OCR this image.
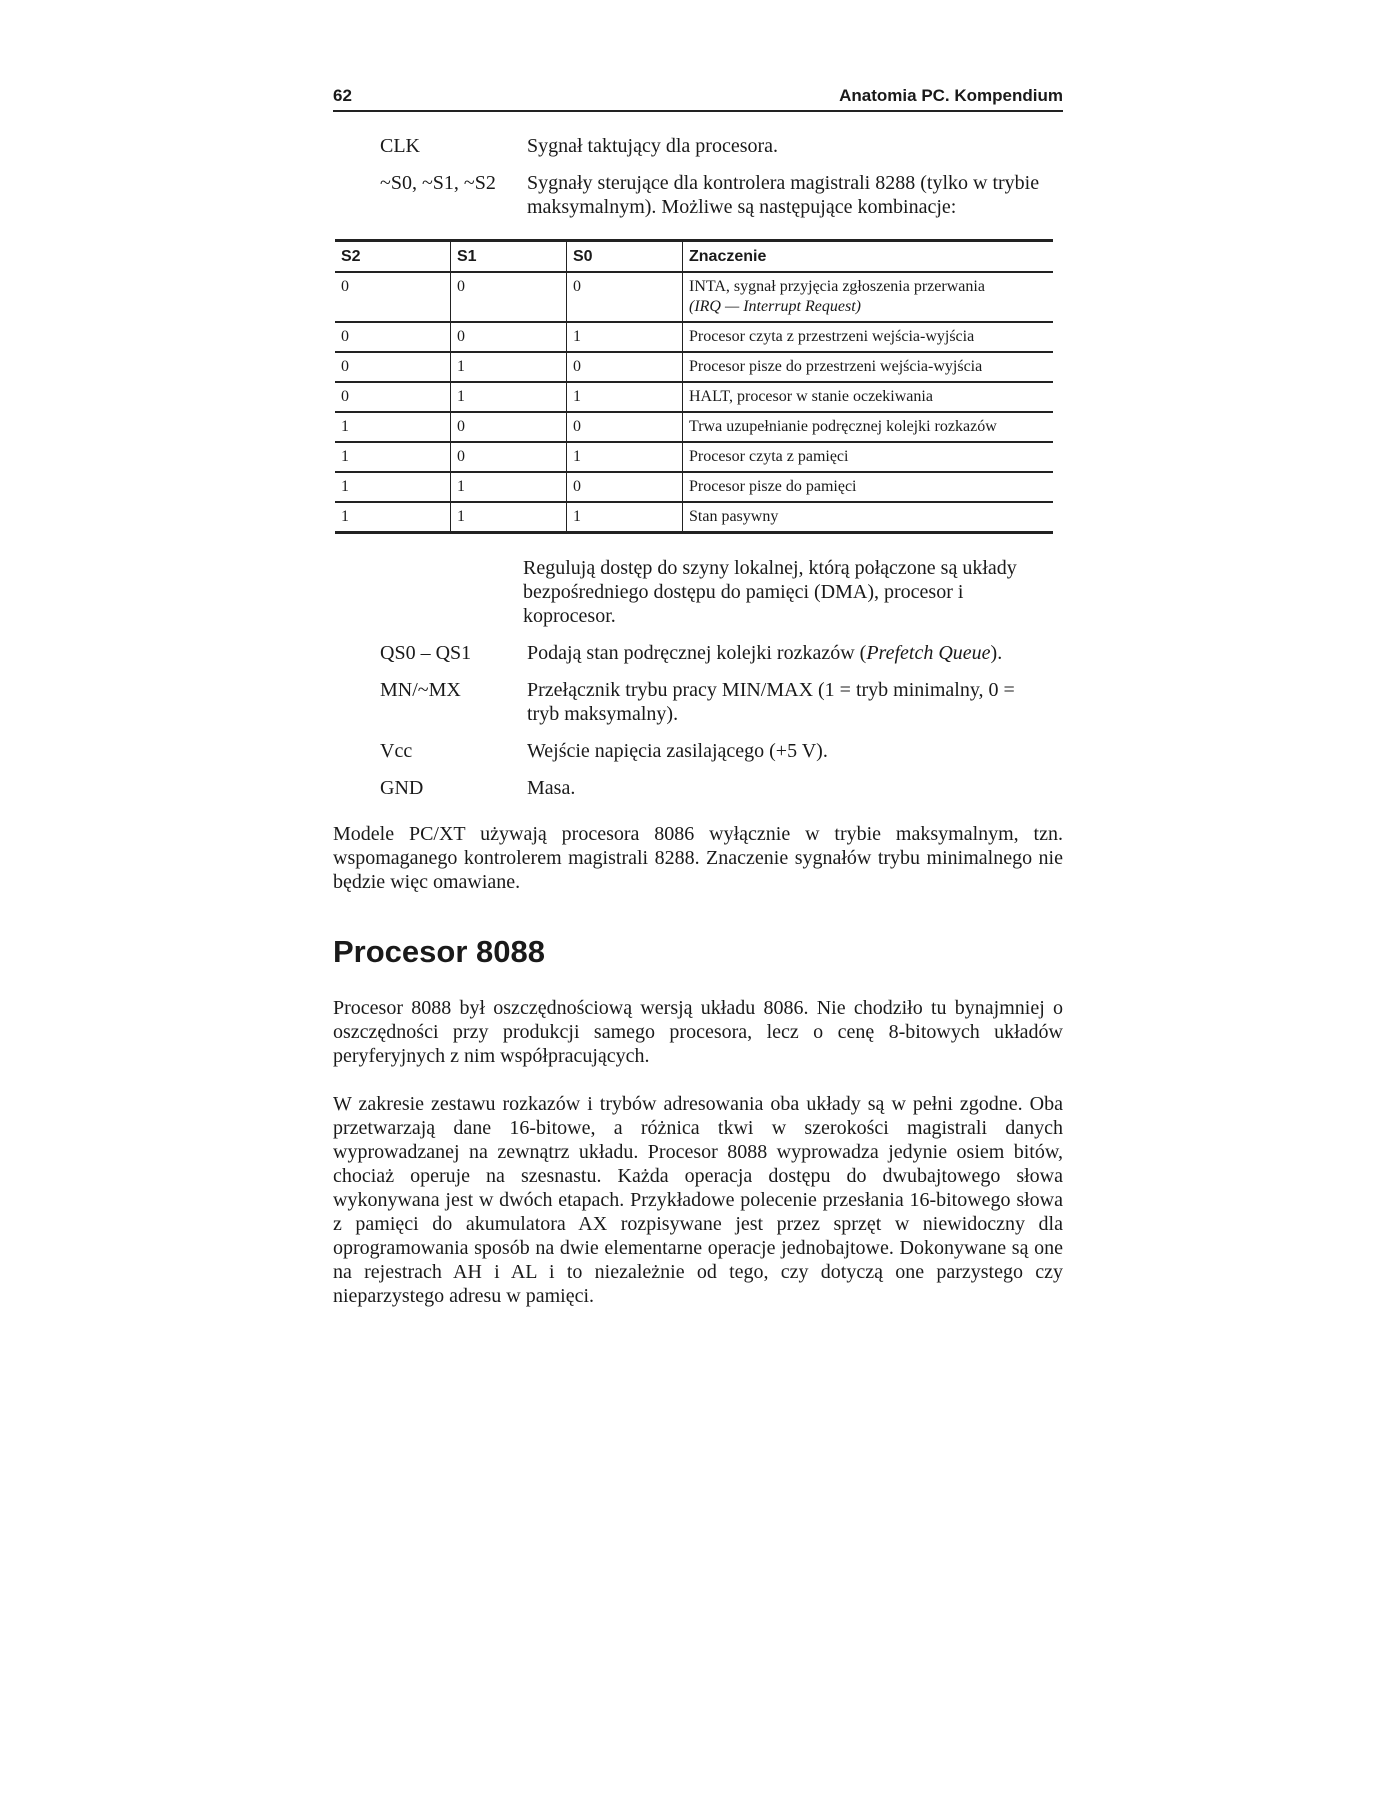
62	Anatomia PC. Kompendium
CLK	Sygnał taktujący dla procesora.
~S0, ~S1, ~S2	Sygnały sterujące dla kontrolera magistrali 8288 (tylko w trybie maksymalnym). Możliwe są następujące kombinacje:
S2	S1	S0	Znaczenie
0	0	0	INTA, sygnał przyjęcia zgłoszenia przerwania
(IRQ — Interrupt Request)
0	0	1	Procesor czyta z przestrzeni wejścia-wyjścia
0	1	0	Procesor pisze do przestrzeni wejścia-wyjścia
0	1	1	HALT, procesor w stanie oczekiwania
1	0	0	Trwa uzupełnianie podręcznej kolejki rozkazów
1	0	1	Procesor czyta z pamięci
1	1	0	Procesor pisze do pamięci
1	1	1	Stan pasywny
Regulują dostęp do szyny lokalnej, którą połączone są układy bezpośredniego dostępu do pamięci (DMA), procesor i koprocesor.
QS0 – QS1	Podają stan podręcznej kolejki rozkazów (Prefetch Queue).
MN/~MX	Przełącznik trybu pracy MIN/MAX (1 = tryb minimalny, 0 = tryb maksymalny).
Vcc	Wejście napięcia zasilającego (+5 V).
GND	Masa.

Modele PC/XT używają procesora 8086 wyłącznie w trybie maksymalnym, tzn. wspomaganego kontrolerem magistrali 8288. Znaczenie sygnałów trybu minimalnego nie będzie więc omawiane.

Procesor 8088

Procesor 8088 był oszczędnościową wersją układu 8086. Nie chodziło tu bynajmniej o oszczędności przy produkcji samego procesora, lecz o cenę 8-bitowych układów peryferyjnych z nim współpracujących.

W zakresie zestawu rozkazów i trybów adresowania oba układy są w pełni zgodne. Oba przetwarzają dane 16-bitowe, a różnica tkwi w szerokości magistrali danych wyprowadzanej na zewnątrz układu. Procesor 8088 wyprowadza jedynie osiem bitów, chociaż operuje na szesnastu. Każda operacja dostępu do dwubajtowego słowa wykonywana jest w dwóch etapach. Przykładowe polecenie przesłania 16-bitowego słowa z pamięci do akumulatora AX rozpisywane jest przez sprzęt w niewidoczny dla oprogramowania sposób na dwie elementarne operacje jednobajtowe. Dokonywane są one na rejestrach AH i AL i to niezależnie od tego, czy dotyczą one parzystego czy nieparzystego adresu w pamięci.
